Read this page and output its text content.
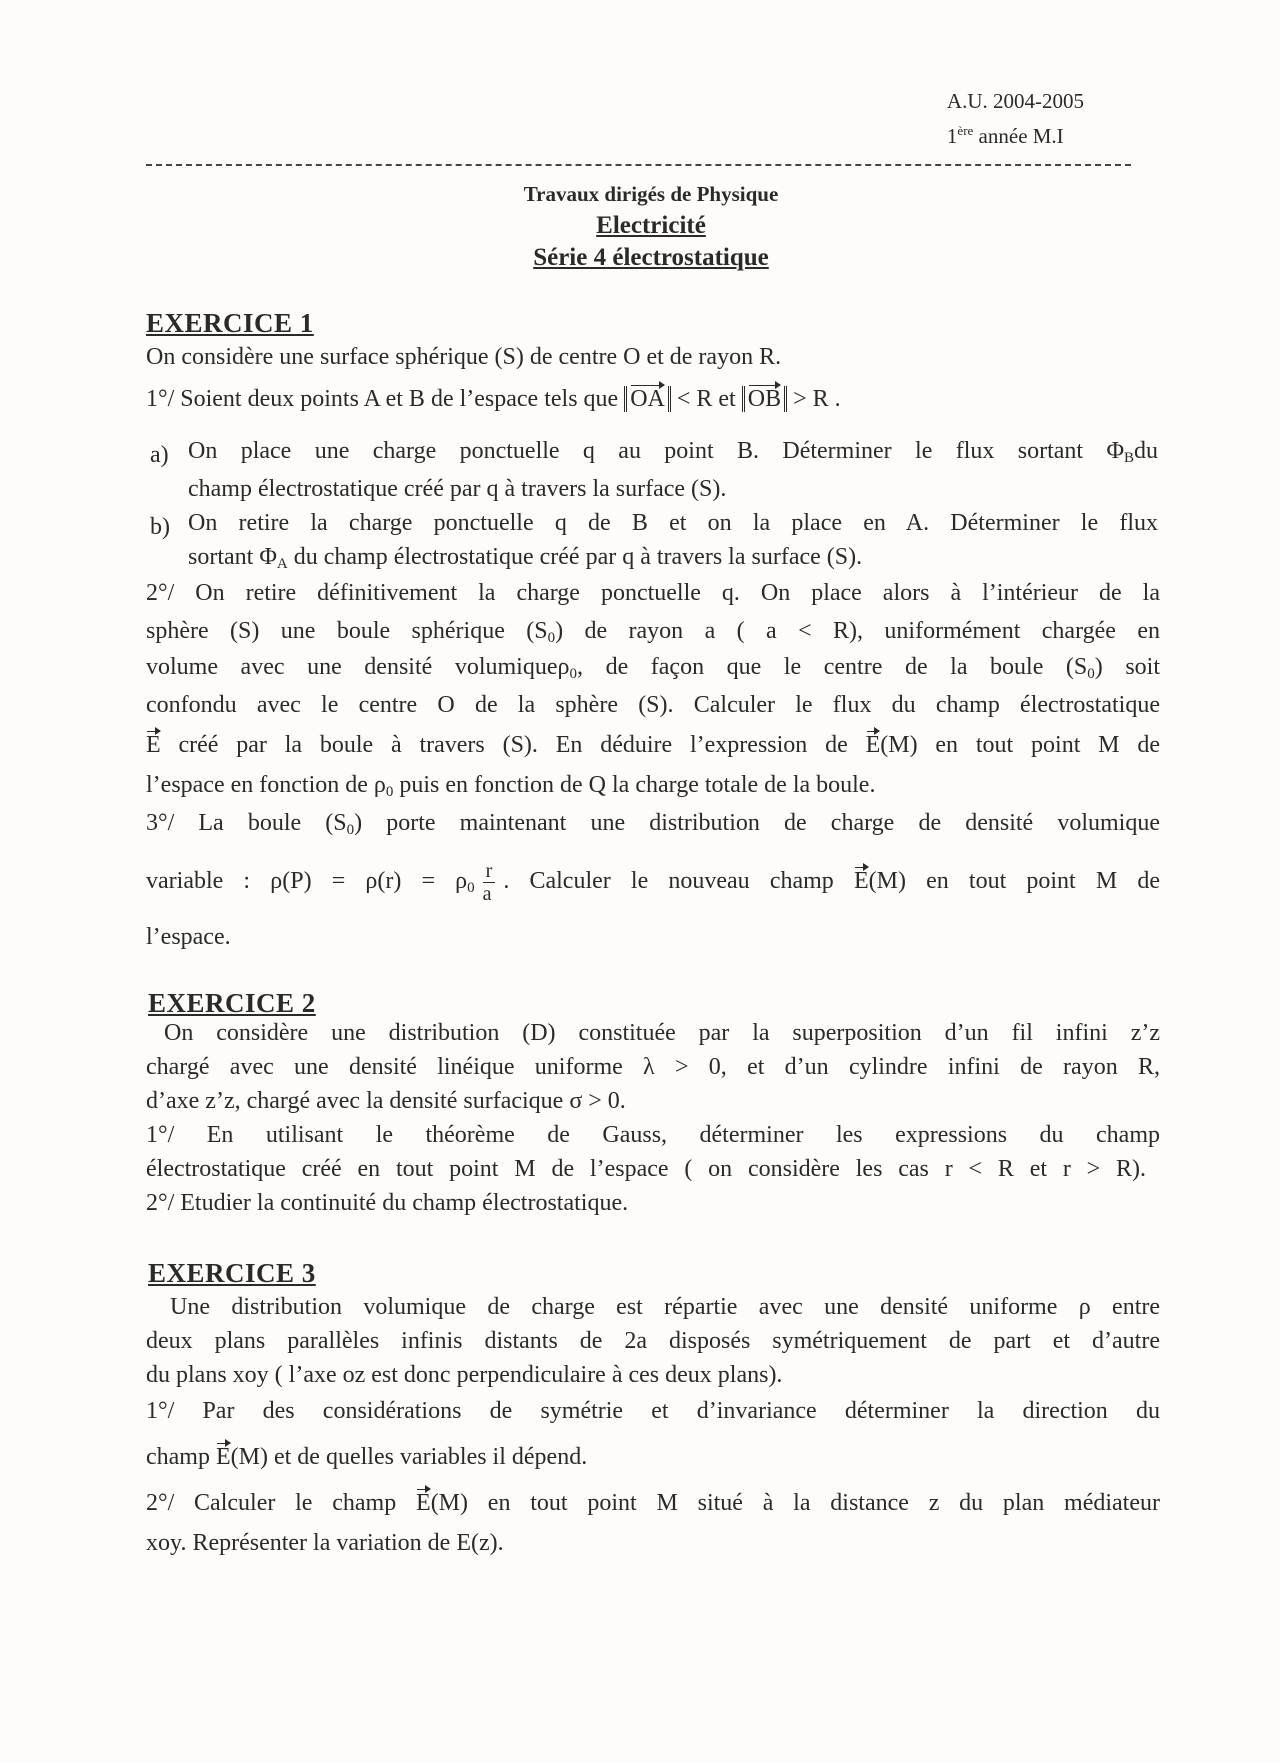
A.U. 2004-2005
1ère année M.I
Travaux dirigés de Physique
Electricité
Série 4 électrostatique
EXERCICE 1
On considère une surface sphérique (S) de centre O et de rayon R.
1°/ Soient deux points A et B de l’espace tels que OA < R et OB > R .
a) On place une charge ponctuelle q au point B. Déterminer le flux sortant $\Phi_Bdu$
champ électrostatique créé par q à travers la surface (S).
b) On retire la charge ponctuelle q de B et on la place en A. Déterminer le flux
sortant $\Phi_A$ du champ électrostatique créé par q à travers la surface (S).
2°/ On retire définitivement la charge ponctuelle q. On place alors à l’intérieur de la
sphère (S) une boule sphérique $(S_0)$ de rayon a ( a < R), uniformément chargée en
volume avec une densité volumiqueρ$_0$, de façon que le centre de la boule $(S_0)$ soit
confondu avec le centre O de la sphère (S). Calculer le flux du champ électrostatique
E créé par la boule à travers (S). En déduire l’expression de E(M) en tout point M de
l’espace en fonction de $\rho_0$ puis en fonction de Q la charge totale de la boule.
3°/ La boule $(S_0)$ porte maintenant une distribution de charge de densité volumique
variable : $\rho(P) = \rho(r) = \rho_0 \frac{r}{a}$ . Calculer le nouveau champ E(M) en tout point M de
l’espace.
EXERCICE 2
On considère une distribution (D) constituée par la superposition d’un fil infini z’z
chargé avec une densité linéique uniforme λ > 0, et d’un cylindre infini de rayon R,
d’axe z’z, chargé avec la densité surfacique σ > 0.
1°/ En utilisant le théorème de Gauss, déterminer les expressions du champ
électrostatique créé en tout point M de l’espace ( on considère les cas r < R et r > R).
2°/ Etudier la continuité du champ électrostatique.
EXERCICE 3
Une distribution volumique de charge est répartie avec une densité uniforme ρ entre
deux plans parallèles infinis distants de 2a disposés symétriquement de part et d’autre
du plans xoy ( l’axe oz est donc perpendiculaire à ces deux plans).
1°/ Par des considérations de symétrie et d’invariance déterminer la direction du
champ E(M) et de quelles variables il dépend.
2°/ Calculer le champ E(M) en tout point M situé à la distance z du plan médiateur
xoy. Représenter la variation de E(z).
